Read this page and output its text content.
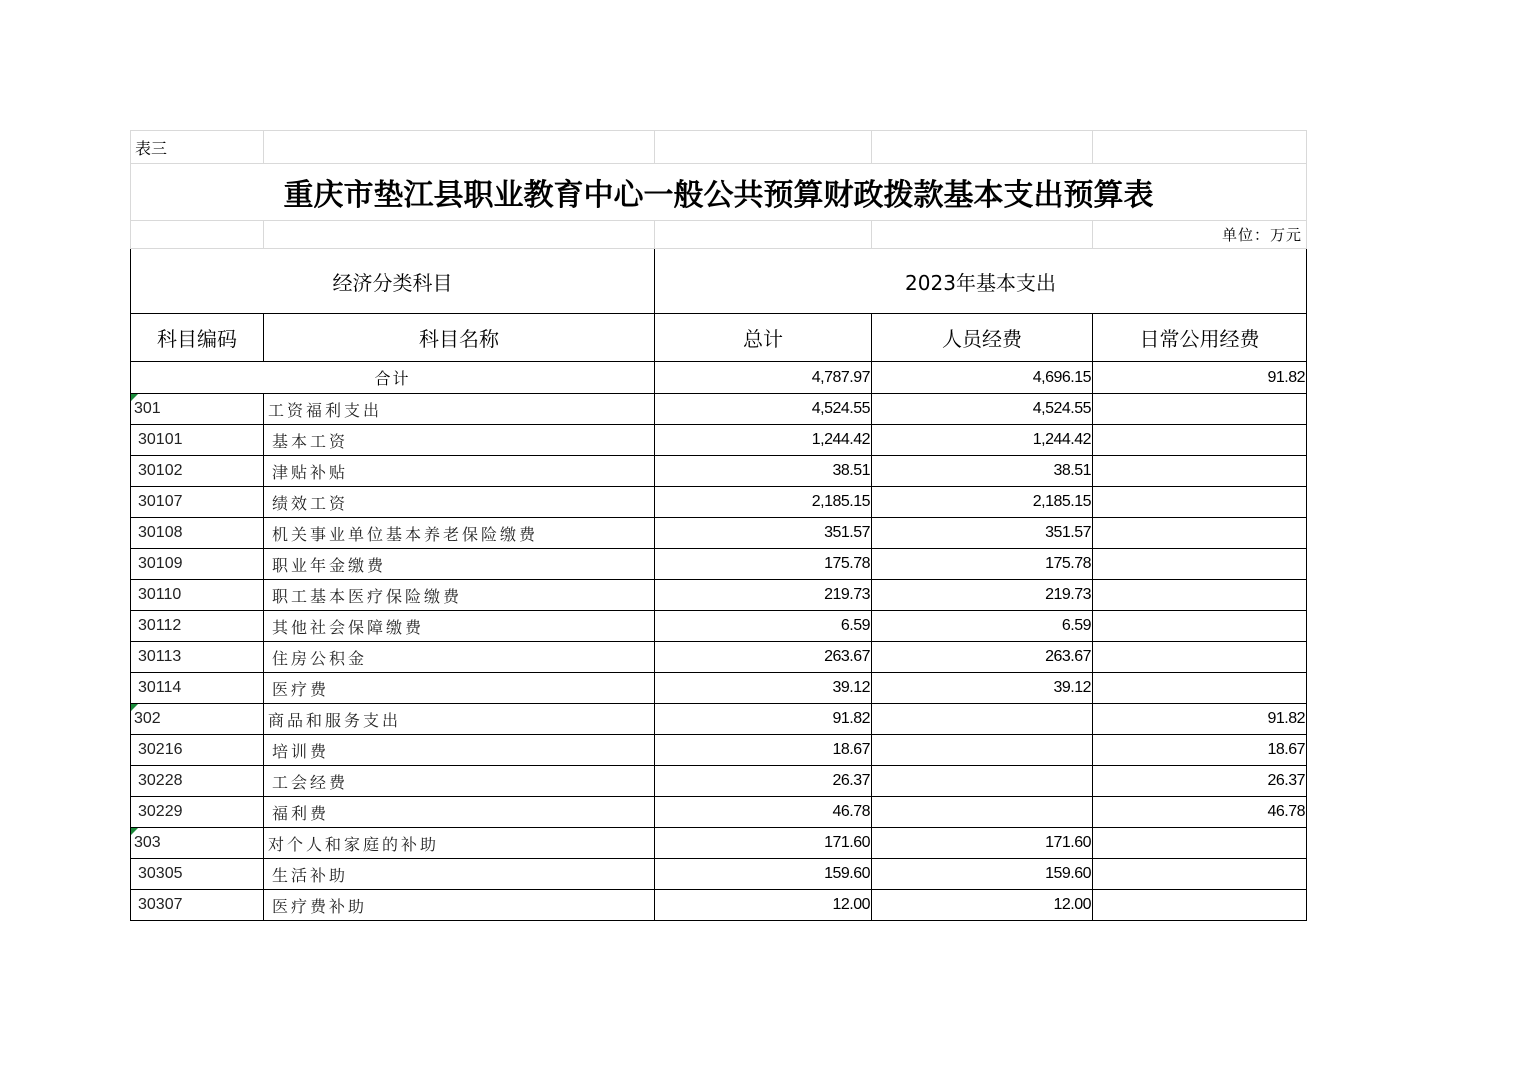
表三				
重庆市垫江县职业教育中心一般公共预算财政拨款基本支出预算表				
				单位：万元
经济分类科目		2023年基本支出		
科目编码	科目名称	总计	人员经费	日常公用经费
合计		4,787.97	4,696.15	91.82
301	工资福利支出	4,524.55	4,524.55	
30101	基本工资	1,244.42	1,244.42	
30102	津贴补贴	38.51	38.51	
30107	绩效工资	2,185.15	2,185.15	
30108	机关事业单位基本养老保险缴费	351.57	351.57	
30109	职业年金缴费	175.78	175.78	
30110	职工基本医疗保险缴费	219.73	219.73	
30112	其他社会保障缴费	6.59	6.59	
30113	住房公积金	263.67	263.67	
30114	医疗费	39.12	39.12	
302	商品和服务支出	91.82		91.82
30216	培训费	18.67		18.67
30228	工会经费	26.37		26.37
30229	福利费	46.78		46.78
303	对个人和家庭的补助	171.60	171.60	
30305	生活补助	159.60	159.60	
30307	医疗费补助	12.00	12.00	
